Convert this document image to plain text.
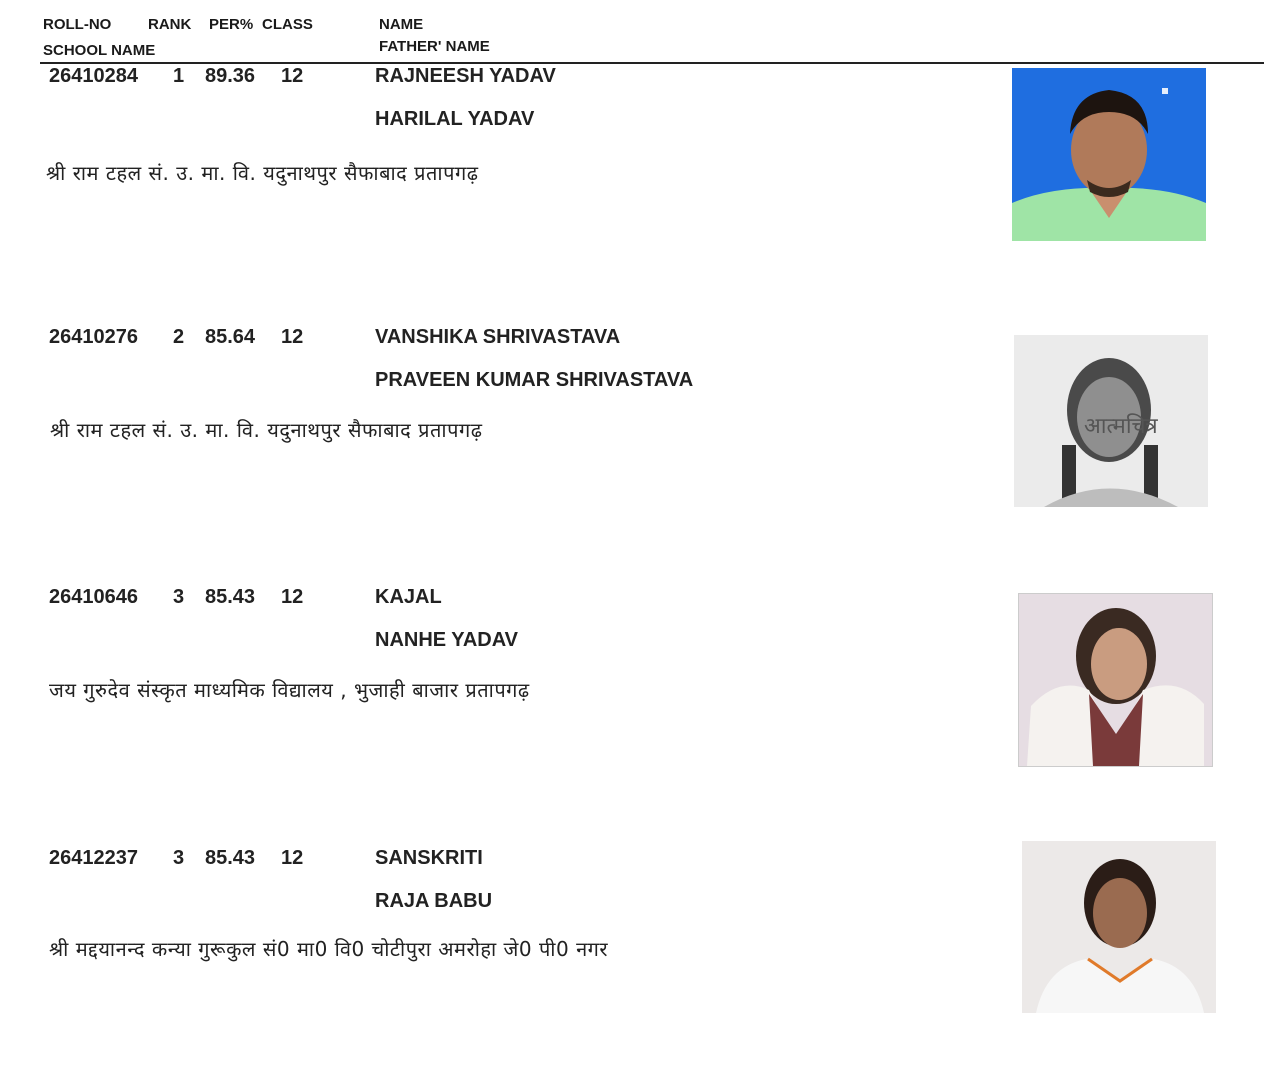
ROLL-NO RANK PER% CLASS	NAME
SCHOOL NAME	FATHER' NAME
26410284 1 89.36 12	RAJNEESH YADAV
HARILAL YADAV
श्री राम टहल सं. उ. मा. वि. यदुनाथपुर सैफाबाद प्रतापगढ़
26410276 2 85.64 12	VANSHIKA SHRIVASTAVA
PRAVEEN KUMAR SHRIVASTAVA
श्री राम टहल सं. उ. मा. वि. यदुनाथपुर सैफाबाद प्रतापगढ़	आत्मचित्र
26410646 3 85.43 12	KAJAL
NANHE YADAV
जय गुरुदेव संस्कृत माध्यमिक विद्यालय , भुजाही बाजार प्रतापगढ़
26412237 3 85.43 12	SANSKRITI
RAJA BABU
श्री मद्दयानन्द कन्या गुरूकुल सं0 मा0 वि0 चोटीपुरा अमरोहा जे0 पी0 नगर
